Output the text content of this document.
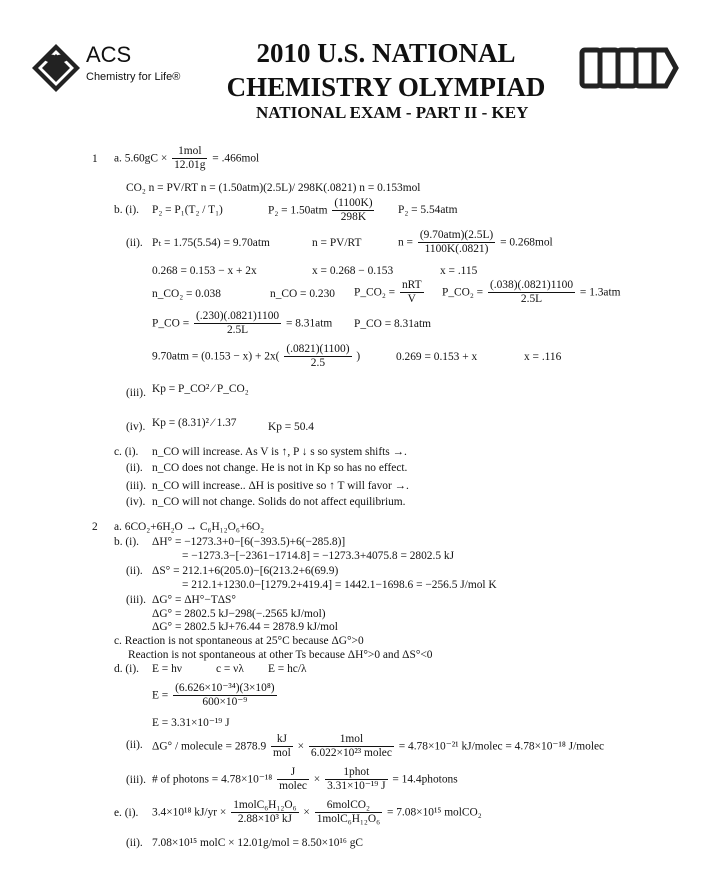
ACS
Chemistry for Life®
2010 U.S. NATIONAL
CHEMISTRY OLYMPIAD
NATIONAL EXAM - PART II - KEY
1 a. 5.60gC ×
1mol
12.01g
= .466mol
CO₂ n = PV/RT n = (1.50atm)(2.5L)/ 298K(.0821) n = 0.153mol
b. (i). P₂ = P₁(T₂ / T₁)	$P_2 = 1.50atm \frac{(1100K)}{298K} P_2 = 5.54atm$
(ii). Pₜ = 1.75(5.54) = 9.70atm	n = PV/RT	n =
(9.70atm)(2.5L)
1100K(.0821)
= 0.268mol
0.268 = 0.153 − x + 2x	x = 0.268 − 0.153	x = .115
n_CO₂ = 0.038	n_CO = 0.230 P_CO₂ =
nRT
V
P_CO₂ = $\frac{(.038)(.0821)1100}{2.5L} = 1.3atm$
P_CO = $\frac{(.230)(.0821)1100}{2.5L} = 8.31atm$ P_CO = 8.31atm
$9.70atm = (0.153 - x) + 2x( \frac{(.0821)(1100)}{2.5}$ )	0.269 = 0.153 + x	x = .116
(iii). Kp = P_CO² ⁄ P_CO₂
(iv). Kp = (8.31)² ⁄ 1.37	Kp = 50.4
c. (i). n_CO will increase. As V is ↑, P ↓ s so system shifts →.
(ii). n_CO does not change. He is not in Kp so has no effect.
(iii). n_CO will increase.. ΔH is positive so ↑ T will favor →.
(iv). n_CO will not change. Solids do not affect equilibrium.
2 a. 6CO₂+6H₂O → C₆H₁₂O₆+6O₂
b. (i). ΔH° = −1273.3+0−[6(−393.5)+6(−285.8)]
= −1273.3−[−2361−1714.8] = −1273.3+4075.8 = 2802.5 kJ
(ii). ΔS° = 212.1+6(205.0)−[6(213.2+6(69.9)
= 212.1+1230.0−[1279.2+419.4] = 1442.1−1698.6 = −256.5 J/mol K
(iii). ΔG° = ΔH°−TΔS°
ΔG° = 2802.5 kJ−298(−.2565 kJ/mol)
ΔG° = 2802.5 kJ+76.44 = 2878.9 kJ/mol
c. Reaction is not spontaneous at 25°C because ΔG°>0
Reaction is not spontaneous at other Ts because ΔH°>0 and ΔS°<0
d. (i). E = hν	c = νλ E = hc/λ
$E = \frac{\text{(6.626×10⁻³⁴)(3×10⁸)}}{\text{600×10⁻⁹}}$
E = 3.31×10⁻¹⁹ J
(ii). ΔG° / molecule = 2878.9
kJ
mol
×
1mol
6.022×10²³ molec
= 4.78×10⁻²¹ kJ/molec = 4.78×10⁻¹⁸ J/molec
(iii). # of photons = 4.78×10⁻¹⁸
J
molec
×
1phot
3.31×10⁻¹⁹ J
= 14.4photons
e. (i). 3.4×10¹⁸ kJ/yr ×
1molC₆H₁₂O₆
2.88×10³ kJ
×
6molCO₂
1molC₆H₁₂O₆
= 7.08×10¹⁵ molCO₂
(ii). 7.08×10¹⁵ molC × 12.01g/mol = 8.50×10¹⁶ gC
